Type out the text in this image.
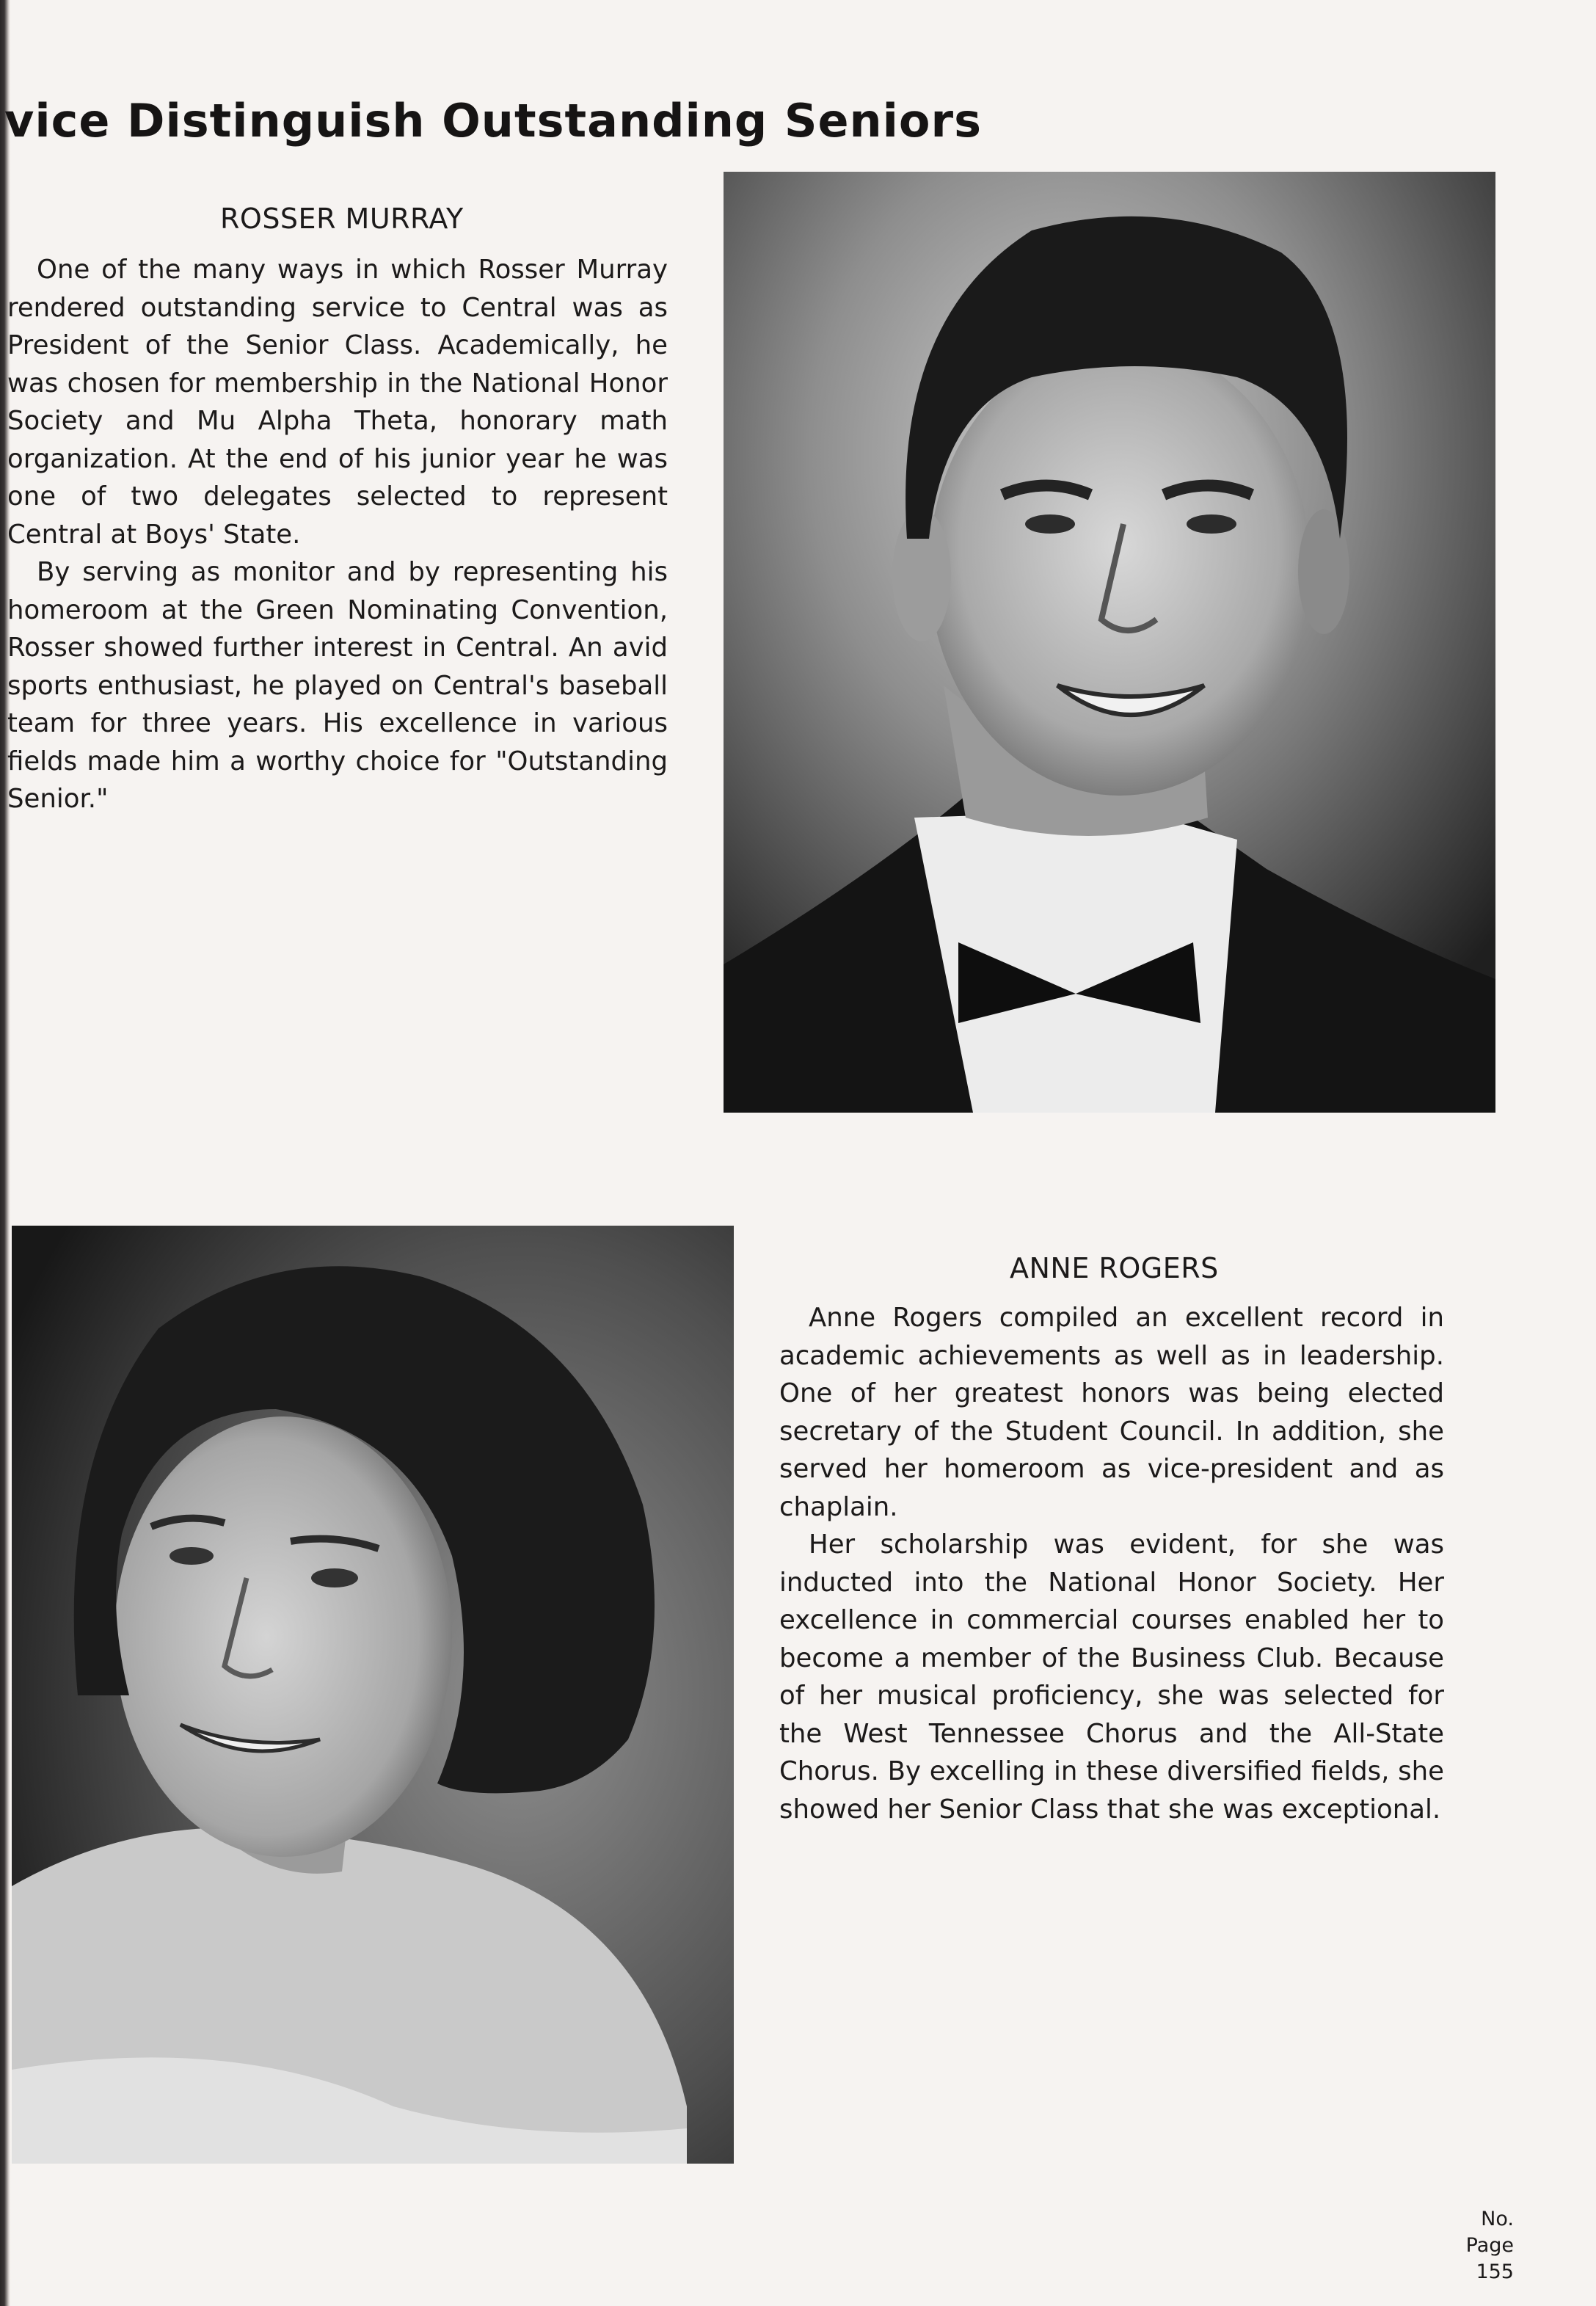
vice Distinguish Outstanding Seniors
ROSSER MURRAY

One of the many ways in which Rosser Murray rendered outstanding service to Central was as President of the Senior Class. Academically, he was chosen for membership in the National Honor Society and Mu Alpha Theta, honorary math organization. At the end of his junior year he was one of two delegates selected to represent Central at Boys' State.

By serving as monitor and by representing his homeroom at the Green Nominating Convention, Rosser showed further interest in Central. An avid sports enthusiast, he played on Central's baseball team for three years. His excellence in various fields made him a worthy choice for "Outstanding Senior."

ANNE ROGERS

Anne Rogers compiled an excellent record in academic achievements as well as in leadership. One of her greatest honors was being elected secretary of the Student Council. In addition, she served her homeroom as vice-president and as chaplain.

Her scholarship was evident, for she was inducted into the National Honor Society. Her excellence in commercial courses enabled her to become a member of the Business Club. Because of her musical proficiency, she was selected for the West Tennessee Chorus and the All-State Chorus. By excelling in these diversified fields, she showed her Senior Class that she was exceptional.

No.
Page
155
